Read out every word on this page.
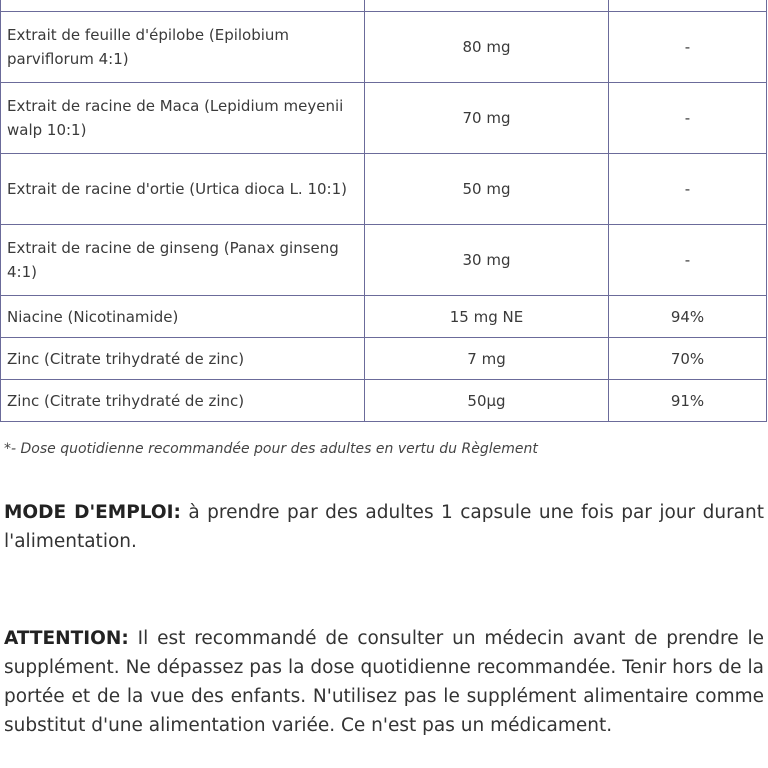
Extrait de feuille d'épilobe (Epilobium parviflorum 4:1)	80 mg	-
Extrait de racine de Maca (Lepidium meyenii walp 10:1)	70 mg	-
Extrait de racine d'ortie (Urtica dioca L. 10:1)	50 mg	-
Extrait de racine de ginseng (Panax ginseng 4:1)	30 mg	-
Niacine (Nicotinamide)	15 mg NE	94%
Zinc (Citrate trihydraté de zinc)	7 mg	70%
Zinc (Citrate trihydraté de zinc)	50µg	91%
*- Dose quotidienne recommandée pour des adultes en vertu du Règlement

MODE D'EMPLOI: à prendre par des adultes 1 capsule une fois par jour durant l'alimentation.

ATTENTION: Il est recommandé de consulter un médecin avant de prendre le supplément. Ne dépassez pas la dose quotidienne recommandée. Tenir hors de la portée et de la vue des enfants. N'utilisez pas le supplément alimentaire comme substitut d'une alimentation variée. Ce n'est pas un médicament.
